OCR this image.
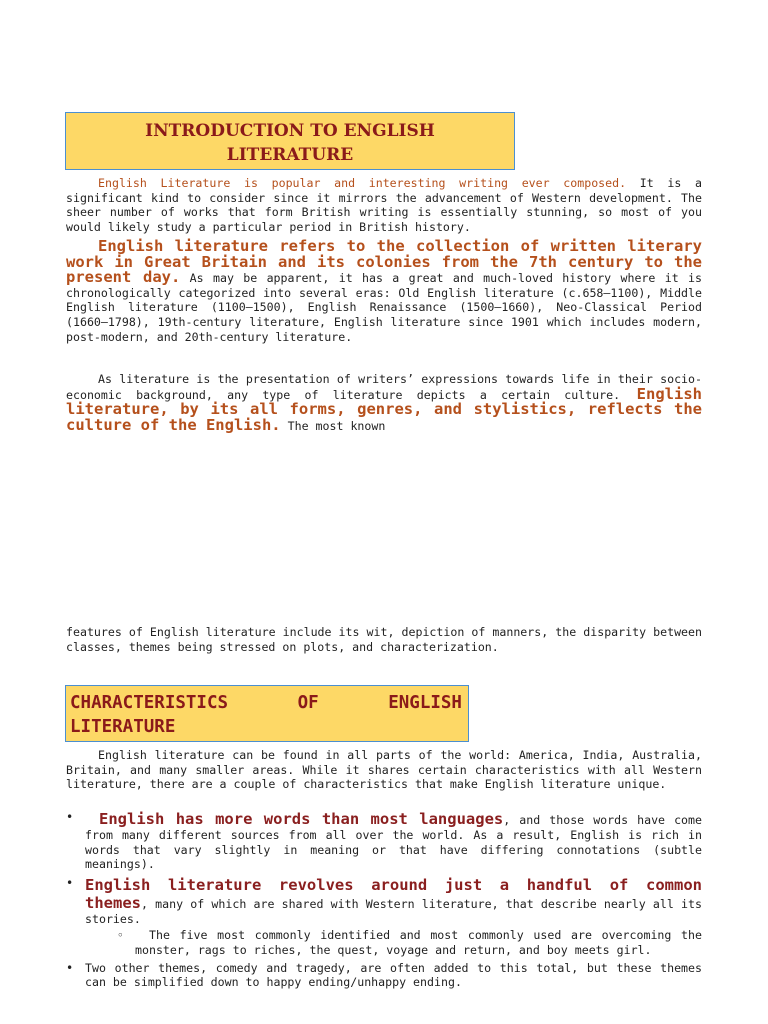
INTRODUCTION TO ENGLISH
LITERATURE

English Literature is popular and interesting writing ever composed. It is a significant kind to consider since it mirrors the advancement of Western development. The sheer number of works that form British writing is essentially stunning, so most of you would likely study a particular period in British history.

English literature refers to the collection of written literary work in Great Britain and its colonies from the 7th century to the present day. As may be apparent, it has a great and much-loved history where it is chronologically categorized into several eras: Old English literature (c.658–1100), Middle English literature (1100–1500), English Renaissance (1500–1660), Neo-Classical Period (1660–1798), 19th-century literature, English literature since 1901 which includes modern, post-modern, and 20th-century literature.

As literature is the presentation of writers’ expressions towards life in their socio-economic background, any type of literature depicts a certain culture. English literature, by its all forms, genres, and stylistics, reflects the culture of the English. The most known

features of English literature include its wit, depiction of manners, the disparity between classes, themes being stressed on plots, and characterization.

CHARACTERISTICS	OF	ENGLISH
LITERATURE

English literature can be found in all parts of the world: America, India, Australia, Britain, and many smaller areas. While it shares certain characteristics with all Western literature, there are a couple of characteristics that make English literature unique.

• English has more words than most languages, and those words have come from many different sources from all over the world. As a result, English is rich in words that vary slightly in meaning or that have differing connotations (subtle meanings).
• English literature revolves around just a handful of common themes, many of which are shared with Western literature, that describe nearly all its stories.
◦ The five most commonly identified and most commonly used are overcoming the monster, rags to riches, the quest, voyage and return, and boy meets girl.
• Two other themes, comedy and tragedy, are often added to this total, but these themes can be simplified down to happy ending/unhappy ending.
